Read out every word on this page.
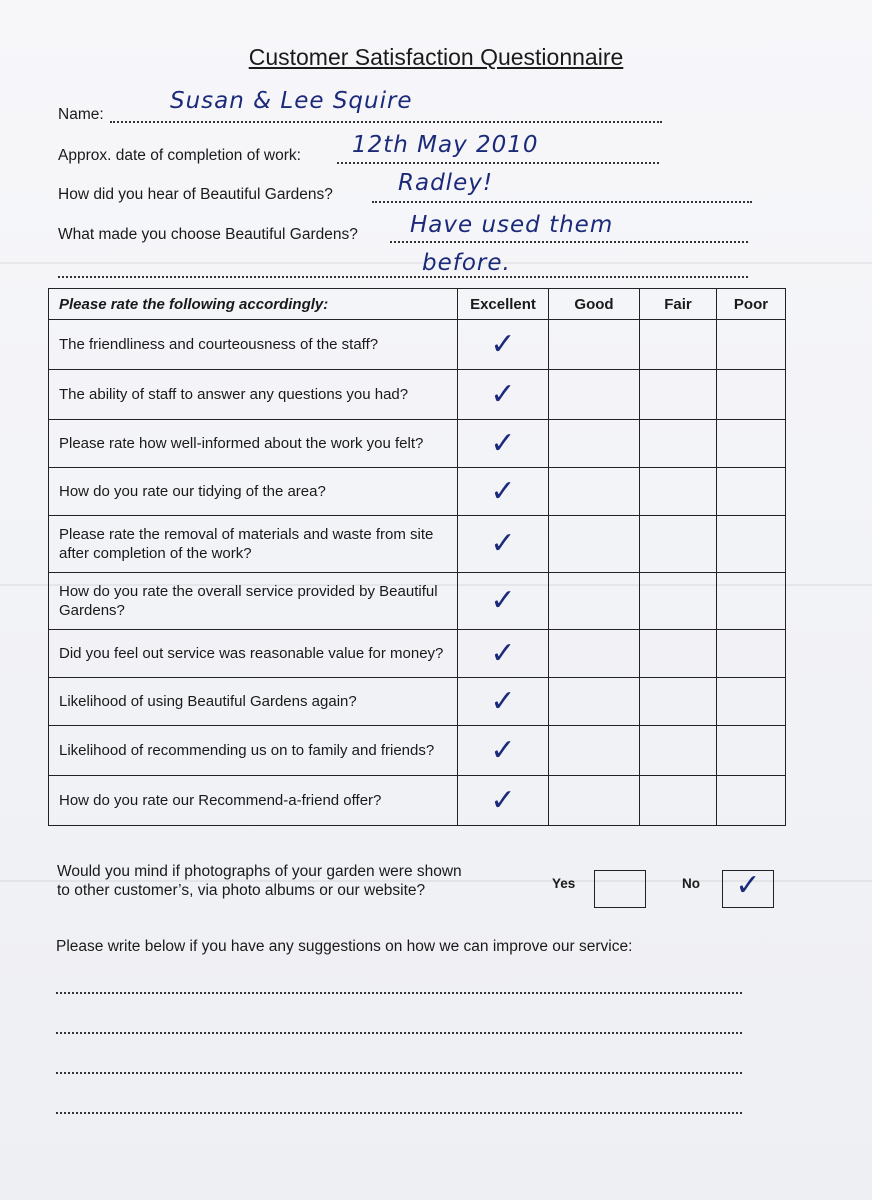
Customer Satisfaction Questionnaire
Name:
Susan & Lee Squire
Approx. date of completion of work: 12th May 2010
How did you hear of Beautiful Gardens?	Radley!
What made you choose Beautiful Gardens? Have used them
before.
Please rate the following accordingly:	Excellent	Good	Fair	Poor
The friendliness and courteousness of the staff?	✓			
The ability of staff to answer any questions you had?	✓			
Please rate how well-informed about the work you felt?	✓			
How do you rate our tidying of the area?	✓			
Please rate the removal of materials and waste from site after completion of the work?	✓			
How do you rate the overall service provided by Beautiful Gardens?	✓			
Did you feel out service was reasonable value for money?	✓			
Likelihood of using Beautiful Gardens again?	✓			
Likelihood of recommending us on to family and friends?	✓			
How do you rate our Recommend-a-friend offer?	✓			
Would you mind if photographs of your garden were shown to other customer’s, via photo albums or our website?	Yes	No	✓
Please write below if you have any suggestions on how we can improve our service:
